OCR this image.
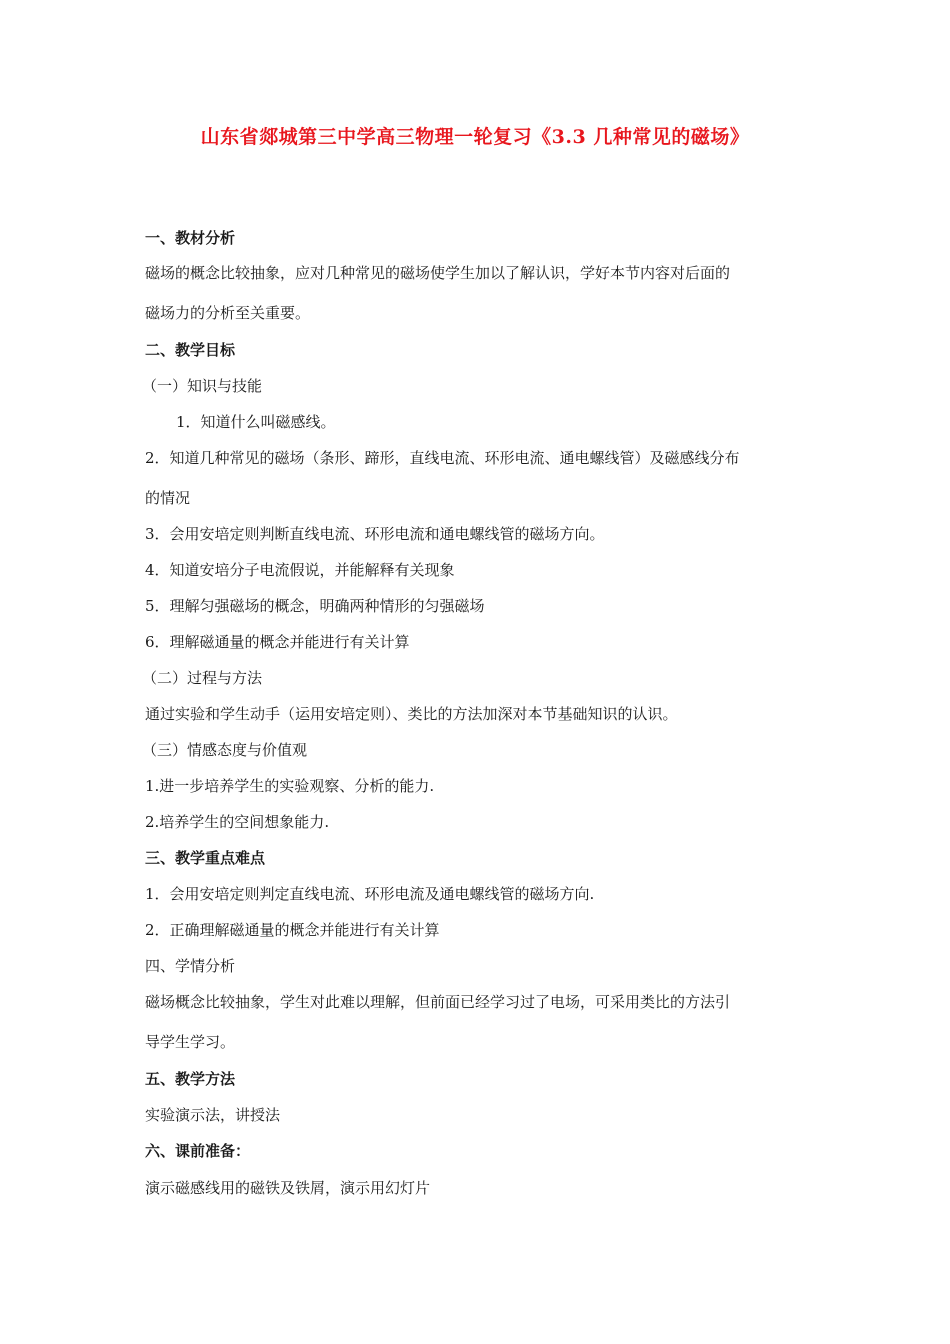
山东省郯城第三中学高三物理一轮复习《3.3 几种常见的磁场》
一、教材分析
磁场的概念比较抽象，应对几种常见的磁场使学生加以了解认识，学好本节内容对后面的
磁场力的分析至关重要。
二、教学目标
（一）知识与技能
1．知道什么叫磁感线。
2．知道几种常见的磁场（条形、蹄形，直线电流、环形电流、通电螺线管）及磁感线分布
的情况
3．会用安培定则判断直线电流、环形电流和通电螺线管的磁场方向。
4．知道安培分子电流假说，并能解释有关现象
5．理解匀强磁场的概念，明确两种情形的匀强磁场
6．理解磁通量的概念并能进行有关计算
（二）过程与方法
通过实验和学生动手（运用安培定则）、类比的方法加深对本节基础知识的认识。
（三）情感态度与价值观
1.进一步培养学生的实验观察、分析的能力.
2.培养学生的空间想象能力.
三、教学重点难点
1．会用安培定则判定直线电流、环形电流及通电螺线管的磁场方向.
2．正确理解磁通量的概念并能进行有关计算
四、学情分析
磁场概念比较抽象，学生对此难以理解，但前面已经学习过了电场，可采用类比的方法引
导学生学习。
五、教学方法
实验演示法，讲授法
六、课前准备：
演示磁感线用的磁铁及铁屑，演示用幻灯片
